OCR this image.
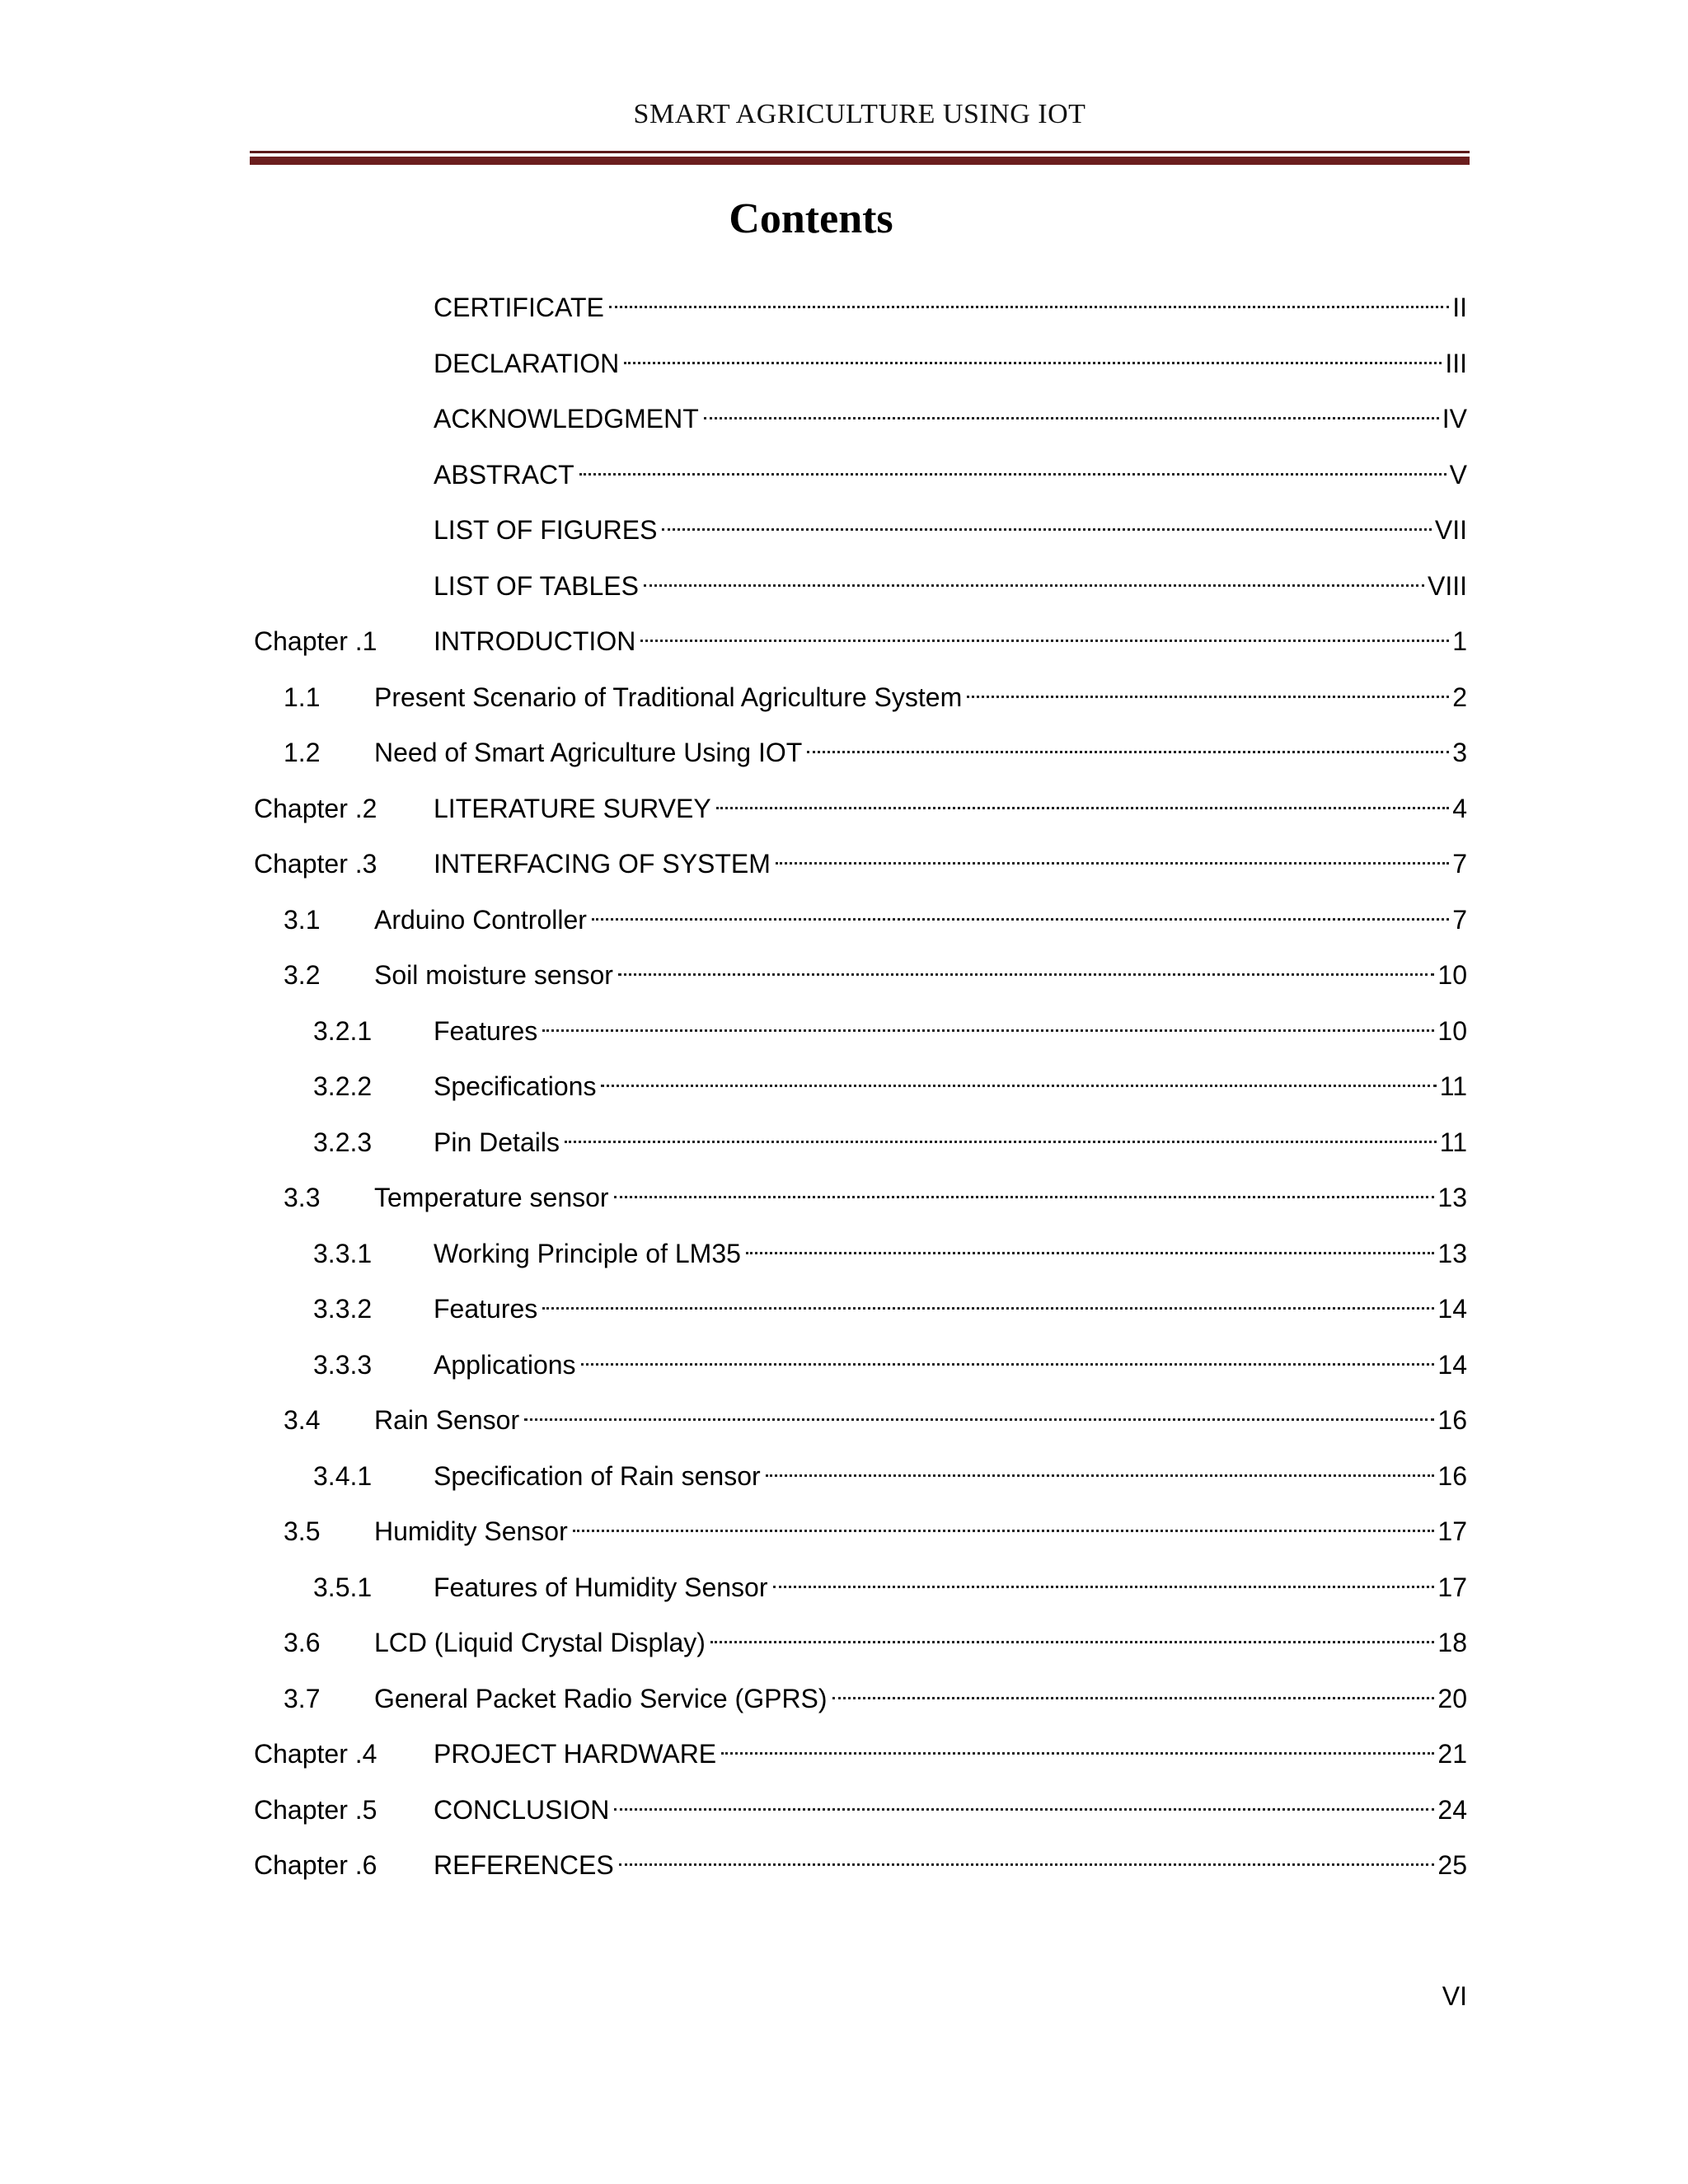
SMART AGRICULTURE USING IOT
Contents
CERTIFICATE	II
DECLARATION	III
ACKNOWLEDGMENT	IV
ABSTRACT	V
LIST OF FIGURES	VII
LIST OF TABLES	VIII
Chapter .1	INTRODUCTION	1
1.1	Present Scenario of Traditional Agriculture System	2
1.2	Need of Smart Agriculture Using IOT	3
Chapter .2	LITERATURE SURVEY	4
Chapter .3	INTERFACING OF SYSTEM	7
3.1	Arduino Controller	7
3.2	Soil moisture sensor	10
3.2.1	Features	10
3.2.2	Specifications	11
3.2.3	Pin Details	11
3.3	Temperature sensor	13
3.3.1	Working Principle of LM35	13
3.3.2	Features	14
3.3.3	Applications	14
3.4	Rain Sensor	16
3.4.1	Specification of Rain sensor	16
3.5	Humidity Sensor	17
3.5.1	Features of Humidity Sensor	17
3.6	LCD (Liquid Crystal Display)	18
3.7	General Packet Radio Service (GPRS)	20
Chapter .4	PROJECT HARDWARE	21
Chapter .5	CONCLUSION	24
Chapter .6	REFERENCES	25
VI
